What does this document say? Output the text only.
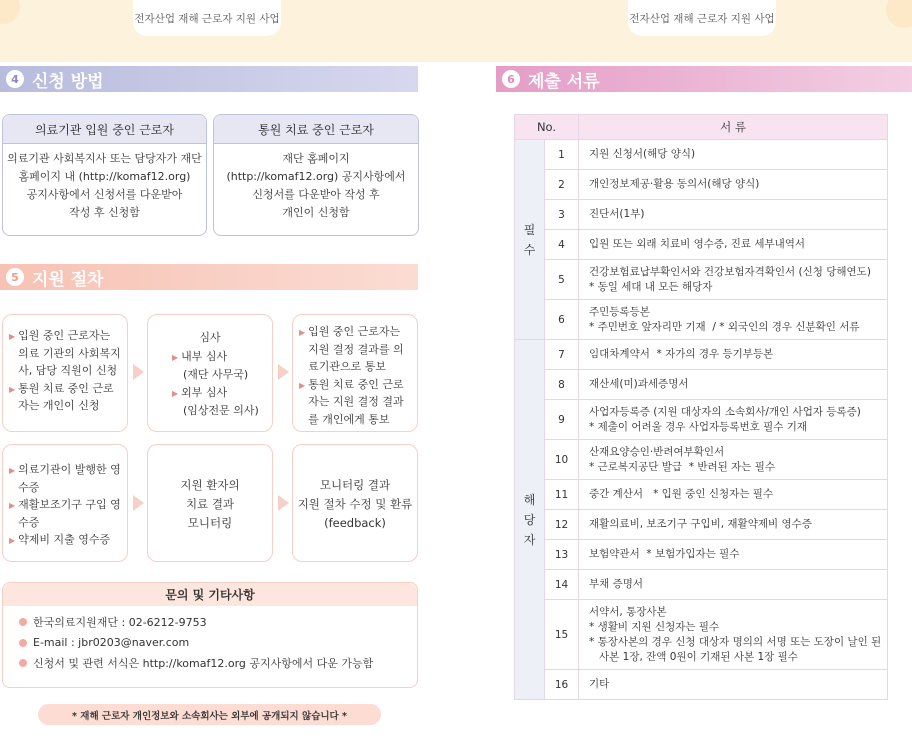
전자산업 재해 근로자 지원 사업	전자산업 재해 근로자 지원 사업
4 신청 방법
의료기관 입원 중인 근로자
의료기관 사회복지사 또는 담당자가 재단
홈페이지 내 (http://komaf12.org)
공지사항에서 신청서를 다운받아
작성 후 신청함
통원 치료 중인 근로자
재단 홈페이지
(http://komaf12.org) 공지사항에서
신청서를 다운받아 작성 후
개인이 신청함
5 지원 절차
▶ 입원 중인 근로자는 의료 기관의 사회복지사, 담당 직원이 신청
▶ 통원 치료 중인 근로자는 개인이 신청
심사
▶ 내부 심사
(재단 사무국)
▶ 외부 심사
(임상전문 의사)
▶ 입원 중인 근로자는 지원 결정 결과를 의료기관으로 통보
▶ 통원 치료 중인 근로자는 지원 결정 결과를 개인에게 통보
▶ 의료기관이 발행한 영수증
▶ 재활보조기구 구입 영수증
▶ 약제비 지출 영수증
지원 환자의
치료 결과
모니터링
모니터링 결과
지원 절차 수정 및 환류
(feedback)
문의 및 기타사항
한국의료지원재단 : 02-6212-9753
E-mail : jbr0203@naver.com
신청서 및 관련 서식은 http://komaf12.org 공지사항에서 다운 가능함
* 재해 근로자 개인정보와 소속회사는 외부에 공개되지 않습니다 *
6 제출 서류
No.		서 류

필
수	1	지원 신청서(해당 양식)

	2	개인정보제공·활용 동의서(해당 양식)

	3	진단서(1부)

	4	입원 또는 외래 치료비 영수증, 진료 세부내역서

	5	건강보험료납부확인서와 건강보험자격확인서 (신청 당해연도)
* 동일 세대 내 모든 해당자

	6	주민등록등본
* 주민번호 앞자리만 기재  / * 외국인의 경우 신분확인 서류

해
당
자	7	임대차계약서  * 자가의 경우 등기부등본

	8	재산세(미)과세증명서

	9	사업자등록증 (지원 대상자의 소속회사/개인 사업자 등록증)
* 제출이 어려울 경우 사업자등록번호 필수 기재

	10	산재요양승인·반려여부확인서
* 근로복지공단 발급  * 반려된 자는 필수

	11	중간 계산서   * 입원 중인 신청자는 필수

	12	재활의료비, 보조기구 구입비, 재활약제비 영수증

	13	보험약관서  * 보험가입자는 필수

	14	부채 증명서

	15	서약서, 통장사본
* 생활비 지원 신청자는 필수
* 통장사본의 경우 신청 대상자 명의의 서명 또는 도장이 날인 된
사본 1장, 잔액 0원이 기재된 사본 1장 필수

	16	기타
